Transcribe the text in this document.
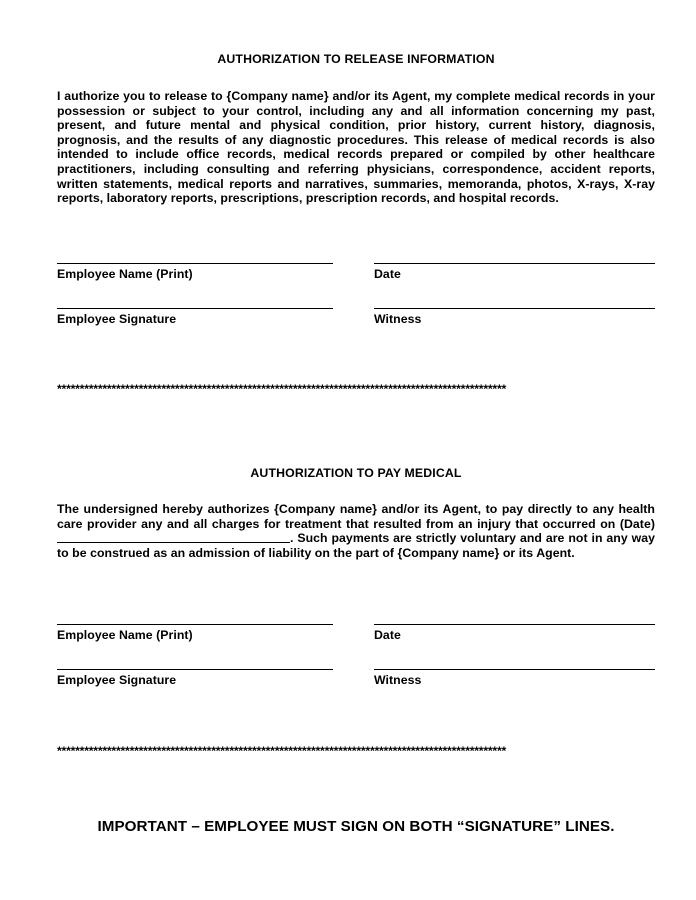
AUTHORIZATION TO RELEASE INFORMATION
I authorize you to release to {Company name} and/or its Agent, my complete medical records in your possession or subject to your control, including any and all information concerning my past, present, and future mental and physical condition, prior history, current history, diagnosis, prognosis, and the results of any diagnostic procedures. This release of medical records is also intended to include office records, medical records prepared or compiled by other healthcare practitioners, including consulting and referring physicians, correspondence, accident reports, written statements, medical reports and narratives, summaries, memoranda, photos, X-rays, X-ray reports, laboratory reports, prescriptions, prescription records, and hospital records.
Employee Name (Print)	Date
Employee Signature	Witness
***************************************************************************************************
AUTHORIZATION TO PAY MEDICAL
The undersigned hereby authorizes {Company name} and/or its Agent, to pay directly to any health care provider any and all charges for treatment that resulted from an injury that occurred on (Date). Such payments are strictly voluntary and are not in any way to be construed as an admission of liability on the part of {Company name} or its Agent.
Employee Name (Print)	Date
Employee Signature	Witness
***************************************************************************************************
IMPORTANT – EMPLOYEE MUST SIGN ON BOTH “SIGNATURE” LINES.
